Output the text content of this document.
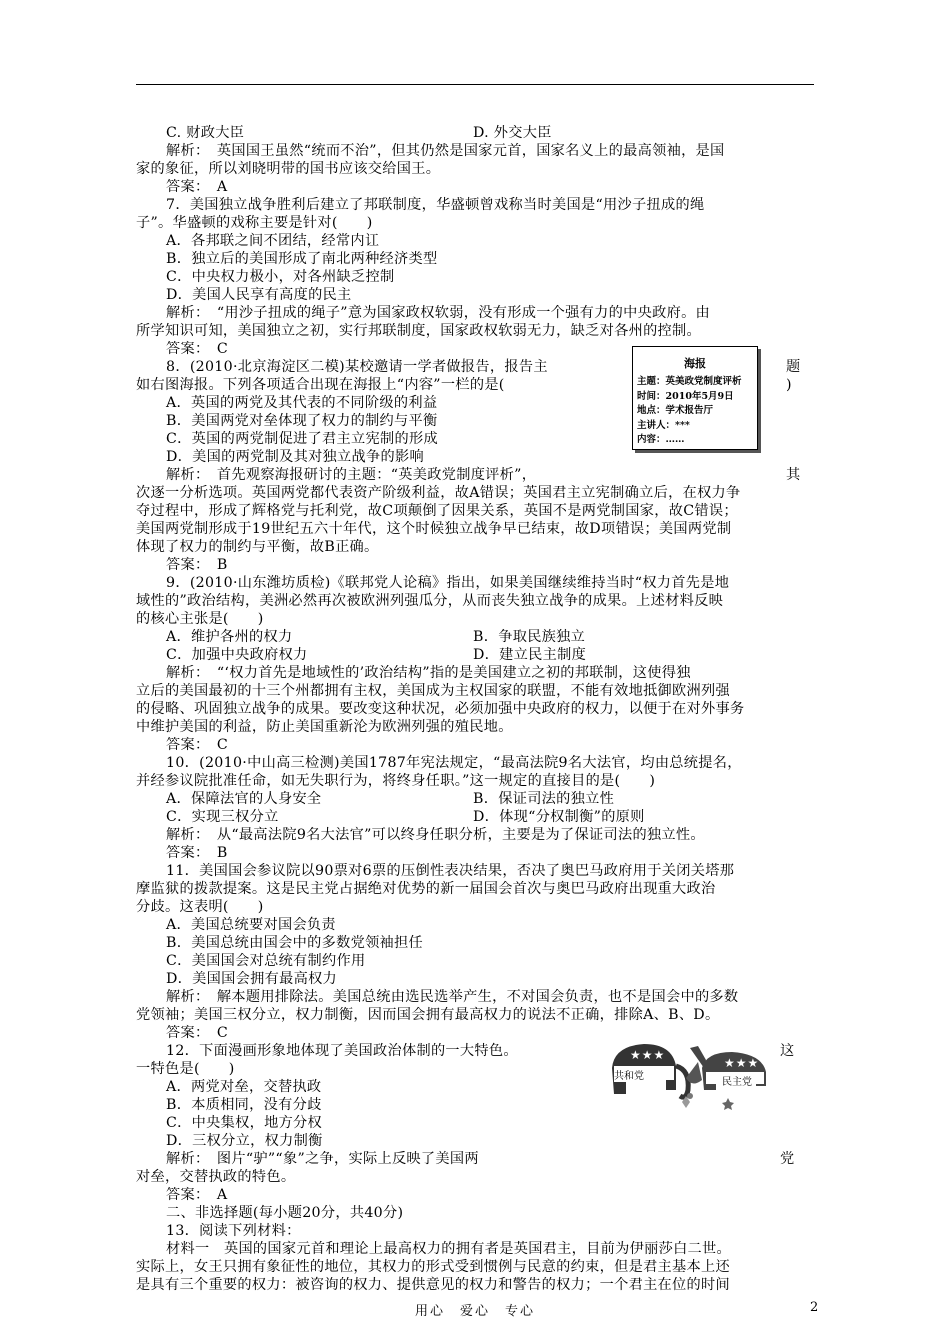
C. 财政大臣	D. 外交大臣
解析：　英国国王虽然“统而不治”，但其仍然是国家元首，国家名义上的最高领袖，是国
家的象征，所以刘晓明带的国书应该交给国王。
答案：　A
7．美国独立战争胜利后建立了邦联制度，华盛顿曾戏称当时美国是“用沙子扭成的绳
子”。华盛顿的戏称主要是针对(　　)
A．各邦联之间不团结，经常内讧
B．独立后的美国形成了南北两种经济类型
C．中央权力极小，对各州缺乏控制
D．美国人民享有高度的民主
解析：　“用沙子扭成的绳子”意为国家政权软弱，没有形成一个强有力的中央政府。由
所学知识可知，美国独立之初，实行邦联制度，国家政权软弱无力，缺乏对各州的控制。
答案：　C
8．(2010·北京海淀区二模)某校邀请一学者做报告，报告主
如右图海报。下列各项适合出现在海报上“内容”一栏的是(
A．英国的两党及其代表的不同阶级的利益
B．美国两党对垒体现了权力的制约与平衡
C．英国的两党制促进了君主立宪制的形成
D．美国的两党制及其对独立战争的影响
解析：　首先观察海报研讨的主题：“英美政党制度评析”，
次逐一分析选项。英国两党都代表资产阶级利益，故A错误；英国君主立宪制确立后，在权力争
夺过程中，形成了辉格党与托利党，故C项颠倒了因果关系，英国不是两党制国家，故C错误；
美国两党制形成于19世纪五六十年代，这个时候独立战争早已结束，故D项错误；美国两党制
体现了权力的制约与平衡，故B正确。
答案：　B
9．(2010·山东潍坊质检)《联邦党人论稿》指出，如果美国继续维持当时“权力首先是地
域性的”政治结构，美洲必然再次被欧洲列强瓜分，从而丧失独立战争的成果。上述材料反映
的核心主张是(　　)
A．维护各州的权力	B．争取民族独立
C．加强中央政府权力	D．建立民主制度
解析：　“‘权力首先是地域性的’政治结构”指的是美国建立之初的邦联制，这使得独
立后的美国最初的十三个州都拥有主权，美国成为主权国家的联盟，不能有效地抵御欧洲列强
的侵略、巩固独立战争的成果。要改变这种状况，必须加强中央政府的权力，以便于在对外事务
中维护美国的利益，防止美国重新沦为欧洲列强的殖民地。
答案：　C
10．(2010·中山高三检测)美国1787年宪法规定，“最高法院9名大法官，均由总统提名，
并经参议院批准任命，如无失职行为，将终身任职。”这一规定的直接目的是(　　)
A．保障法官的人身安全	B．保证司法的独立性
C．实现三权分立	D．体现“分权制衡”的原则
解析：　从“最高法院9名大法官”可以终身任职分析，主要是为了保证司法的独立性。
答案：　B
11．美国国会参议院以90票对6票的压倒性表决结果，否决了奥巴马政府用于关闭关塔那
摩监狱的拨款提案。这是民主党占据绝对优势的新一届国会首次与奥巴马政府出现重大政治
分歧。这表明(　　)
A．美国总统要对国会负责
B．美国总统由国会中的多数党领袖担任
C．美国国会对总统有制约作用
D．美国国会拥有最高权力
解析：　解本题用排除法。美国总统由选民选举产生，不对国会负责，也不是国会中的多数
党领袖；美国三权分立，权力制衡，因而国会拥有最高权力的说法不正确，排除A、B、D。
答案：　C
12．下面漫画形象地体现了美国政治体制的一大特色。
一特色是(　　)
A．两党对垒，交替执政
B．本质相同，没有分歧
C．中央集权，地方分权
D．三权分立，权力制衡
解析：　图片“驴”“象”之争，实际上反映了美国两
对垒，交替执政的特色。
答案：　A
二、非选择题(每小题20分，共40分)
13．阅读下列材料：
材料一　英国的国家元首和理论上最高权力的拥有者是英国君主，目前为伊丽莎白二世。
实际上，女王只拥有象征性的地位，其权力的形式受到惯例与民意的约束，但是君主基本上还
是具有三个重要的权力：被咨询的权力、提供意见的权力和警告的权力；一个君主在位的时间
题
)
其
这
党
海报
主题：英美政党制度评析
时间：2010年5月9日
地点：学术报告厅
主讲人：***
内容：……
★★★
★★★
共和党
民主党
用心　爱心　专心	2
